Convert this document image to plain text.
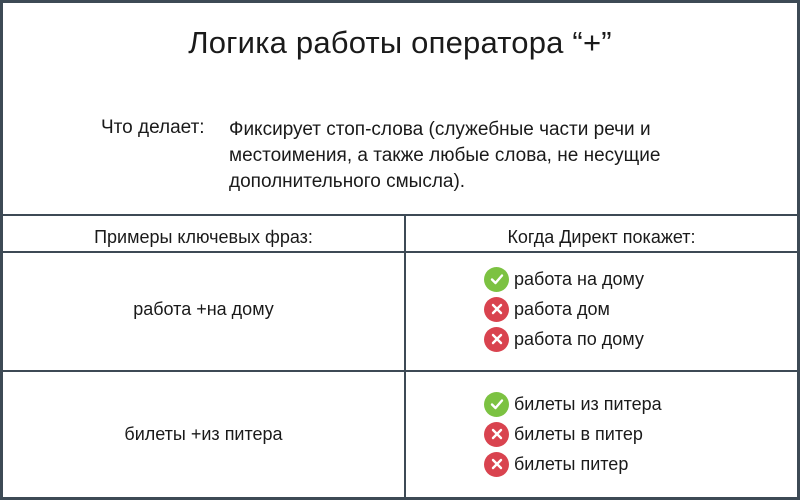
Логика работы оператора “+”
Что делает: Фиксирует стоп-слова (служебные части речи и
местоимения, а также любые слова, не несущие
дополнительного смысла).
Примеры ключевых фраз:	Когда Директ покажет:
работа +на дому
работа на дому
работа дом
работа по дому
билеты +из питера
билеты из питера
билеты в питер
билеты питер
